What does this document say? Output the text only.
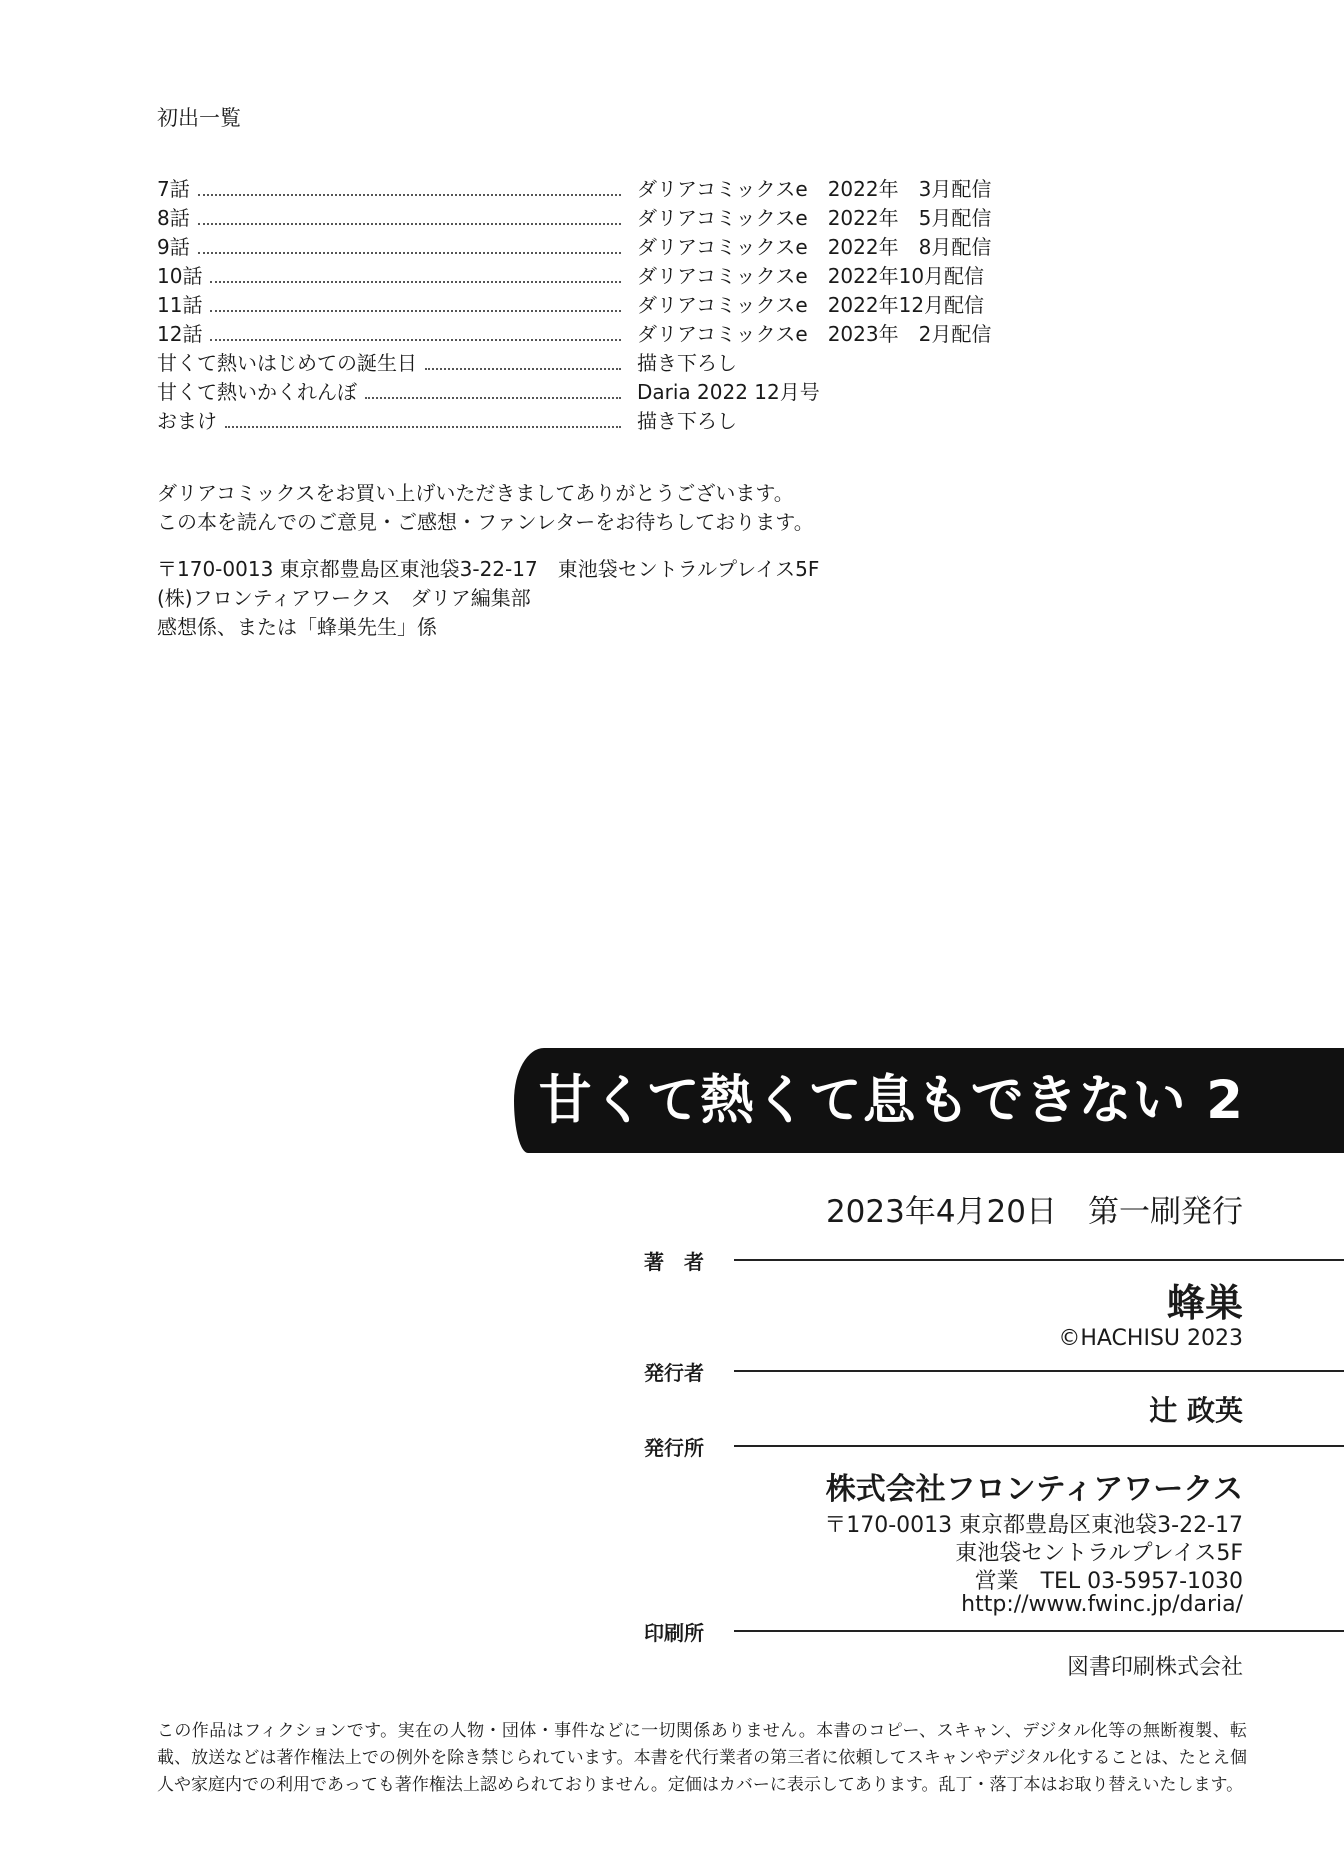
初出一覧
7話	ダリアコミックスe　2022年　3月配信
8話	ダリアコミックスe　2022年　5月配信
9話	ダリアコミックスe　2022年　8月配信
10話	ダリアコミックスe　2022年10月配信
11話	ダリアコミックスe　2022年12月配信
12話	ダリアコミックスe　2023年　2月配信
甘くて熱いはじめての誕生日	描き下ろし
甘くて熱いかくれんぼ	Daria 2022 12月号
おまけ	描き下ろし
ダリアコミックスをお買い上げいただきましてありがとうございます。
この本を読んでのご意見・ご感想・ファンレターをお待ちしております。
〒170-0013 東京都豊島区東池袋3-22-17　東池袋セントラルプレイス5F
(株)フロンティアワークス　ダリア編集部
感想係、または「蜂巣先生」係
甘くて熱くて息もできない 2
2023年4月20日　第一刷発行
著　者
蜂巣
©HACHISU 2023
発行者
辻 政英
発行所
株式会社フロンティアワークス
〒170-0013 東京都豊島区東池袋3-22-17
東池袋セントラルプレイス5F
営業　TEL 03-5957-1030
http://www.fwinc.jp/daria/
印刷所
図書印刷株式会社
この作品はフィクションです。実在の人物・団体・事件などに一切関係ありません。本書のコピー、スキャン、デジタル化等の無断複製、転載、放送などは著作権法上での例外を除き禁じられています。本書を代行業者の第三者に依頼してスキャンやデジタル化することは、たとえ個人や家庭内での利用であっても著作権法上認められておりません。定価はカバーに表示してあります。乱丁・落丁本はお取り替えいたします。
